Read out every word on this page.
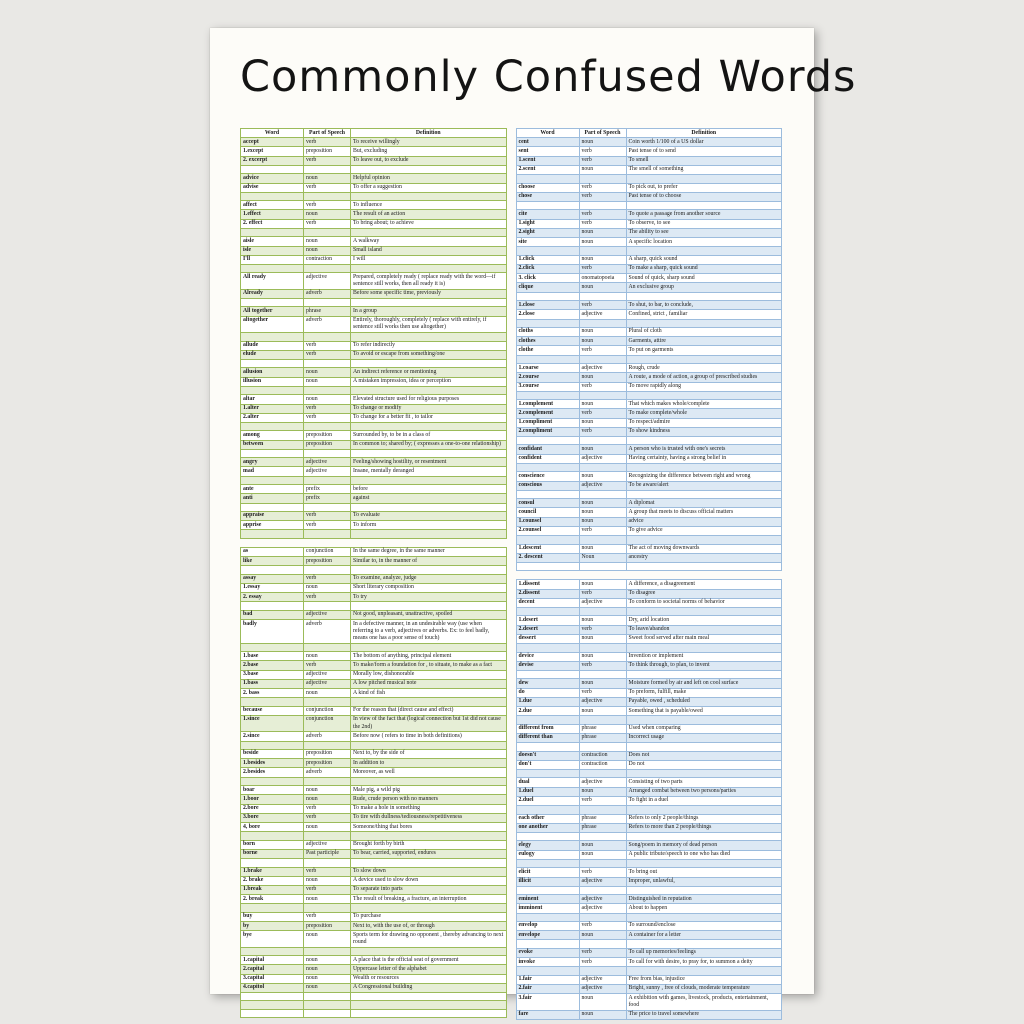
Commonly Confused Words
Word	Part of Speech	Definition
accept	verb	To receive willingly
1.except	preposition	But, excluding
2. excerpt	verb	To leave out, to exclude
advice	noun	Helpful opinion
advise	verb	To offer a suggestion
affect	verb	To influence
1.effect	noun	The result of an action
2. effect	verb	To bring about; to achieve
aisle	noun	A walkway
isle	noun	Small island
I'll	contraction	I will
All ready	adjective	Prepared, completely ready ( replace ready with the word—if sentence still works, then all ready it is)
Already	adverb	Before some specific time, previously
All together	phrase	In a group
altogether	adverb	Entirely, thoroughly, completely ( replace with entirely, if sentence still works then use altogether)
allude	verb	To refer indirectly
elude	verb	To avoid or escape from something/one
allusion	noun	An indirect reference or mentioning
illusion	noun	A mistaken impression, idea or perception
altar	noun	Elevated structure used for religious purposes
1.alter	verb	To change or modify
2.alter	verb	To change for a better fit , to tailor
among	preposition	Surrounded by, to be in a class of
between	preposition	In common to; shared by; ( expresses a one-to-one relationship)
angry	adjective	Feeling/showing hostility, or resentment
mad	adjective	Insane, mentally deranged
ante	prefix	before
anti	prefix	against
appraise	verb	To evaluate
apprise	verb	To inform
as	conjunction	In the same degree, in the same manner
like	preposition	Similar to, in the manner of
assay	verb	To examine, analyze, judge
1.essay	noun	Short literary composition
2. essay	verb	To try
bad	adjective	Not good, unpleasant, unattractive, spoiled
badly	adverb	In a defective manner, in an undesirable way (use when referring to a verb, adjectives or adverbs. Ex: to feel badly, means one has a poor sense of touch)
1.base	noun	The bottom of anything, principal element
2.base	verb	To make/form a foundation for , to situate, to make as a fact
3.base	adjective	Morally low, dishonorable
1.bass	adjective	A low pitched musical note
2. bass	noun	A kind of fish
because	conjunction	For the reason that (direct cause and effect)
1.since	conjunction	In view of the fact that (logical connection but 1st did not cause the 2nd)
2.since	adverb	Before now ( refers to time in both definitions)
beside	preposition	Next to, by the side of
1.besides	preposition	In addition to
2.besides	adverb	Moreover, as well
boar	noun	Male pig, a wild pig
1.boor	noun	Rude, crude person with no manners
2.bore	verb	To make a hole in something
3.bore	verb	To tire with dullness/tediousness/repetitiveness
4, bore	noun	Someone/thing that bores
born	adjective	Brought forth by birth
borne	Past participle	To bear, carried, supported, endures
1.brake	verb	To slow down
2. brake	noun	A device used to slow down
1.break	verb	To separate into parts
2. break	noun	The result of breaking, a fracture, an interruption
buy	verb	To purchase
by	preposition	Next to, with the use of, or through
bye	noun	Sports term for drawing no opponent , thereby advancing to next round
1.capital	noun	A place that is the official seat of government
2.capital	noun	Uppercase letter of the alphabet
3.capital	noun	Wealth or resources
4.capitol	noun	A Congressional building
Word	Part of Speech	Definition
cent	noun	Coin worth 1/100 of a US dollar
sent	verb	Past tense of to send
1.scent	verb	To smell
2.scent	noun	The smell of something
choose	verb	To pick out, to prefer
chose	verb	Past tense of to choose
cite	verb	To quote a passage from another source
1.sight	verb	To observe, to see
2.sight	noun	The ability to see
site	noun	A specific location
1.click	noun	A sharp, quick sound
2.click	verb	To make a sharp, quick sound
3. click	onomatopoeia	Sound of quick, sharp sound
clique	noun	An exclusive group
1.close	verb	To shut, to bar, to conclude,
2.close	adjective	Confined, strict , familiar
cloths	noun	Plural of cloth
clothes	noun	Garments, attire
clothe	verb	To put on garments
1.coarse	adjective	Rough, crude
2.course	noun	A route, a mode of action, a group of prescribed studies
3.course	verb	To move rapidly along
1.complement	noun	That which makes whole/complete
2.complement	verb	To make complete/whole
1.compliment	noun	To respect/admire
2.compliment	verb	To show kindness
confidant	noun	A person who is trusted with one's secrets
confident	adjective	Having certainty, having a strong belief in
conscience	noun	Recognizing the difference between right and wrong
conscious	adjective	To be aware/alert
consul	noun	A diplomat
council	noun	A group that meets to discuss official matters
1.counsel	noun	advice
2.counsel	verb	To give advice
1.descent	noun	The act of moving downwards
2. descent	Noun	ancestry
1.dissent	noun	A difference, a disagreement
2.dissent	verb	To disagree
decent	adjective	To conform to societal norms of behavior
1.desert	noun	Dry, arid location
2.desert	verb	To leave/abandon
dessert	noun	Sweet food served after main meal
device	noun	Invention or implement
devise	verb	To think through, to plan, to invent
dew	noun	Moisture formed by air and left on cool surface
do	verb	To preform, fulfill, make
1.due	adjective	Payable, owed , scheduled
2.due	noun	Something that is payable/owed
different from	phrase	Used when comparing
different than	phrase	Incorrect usage
doesn't	contraction	Does not
don't	contraction	Do not
dual	adjective	Consisting of two parts
1.duel	noun	Arranged combat between two persons/parties
2.duel	verb	To fight in a duel
each other	phrase	Refers to only 2 people/things
one another	phrase	Refers to more than 2 people/things
elegy	noun	Song/poem in memory of dead person
eulogy	noun	A public tribute/speech to one who has died
elicit	verb	To bring out
illicit	adjective	Improper, unlawful,
eminent	adjective	Distinguished in reputation
imminent	adjective	About to happen
envelop	verb	To surround/enclose
envelope	noun	A container for a letter
evoke	verb	To call up memories/feelings
invoke	verb	To call for with desire, to pray for, to summon a deity
1.fair	adjective	Free from bias, injustice
2.fair	adjective	Bright, sunny , free of clouds, moderate temperature
3.fair	noun	A exhibition with games, livestock, products, entertainment, food
fare	noun	The price to travel somewhere
